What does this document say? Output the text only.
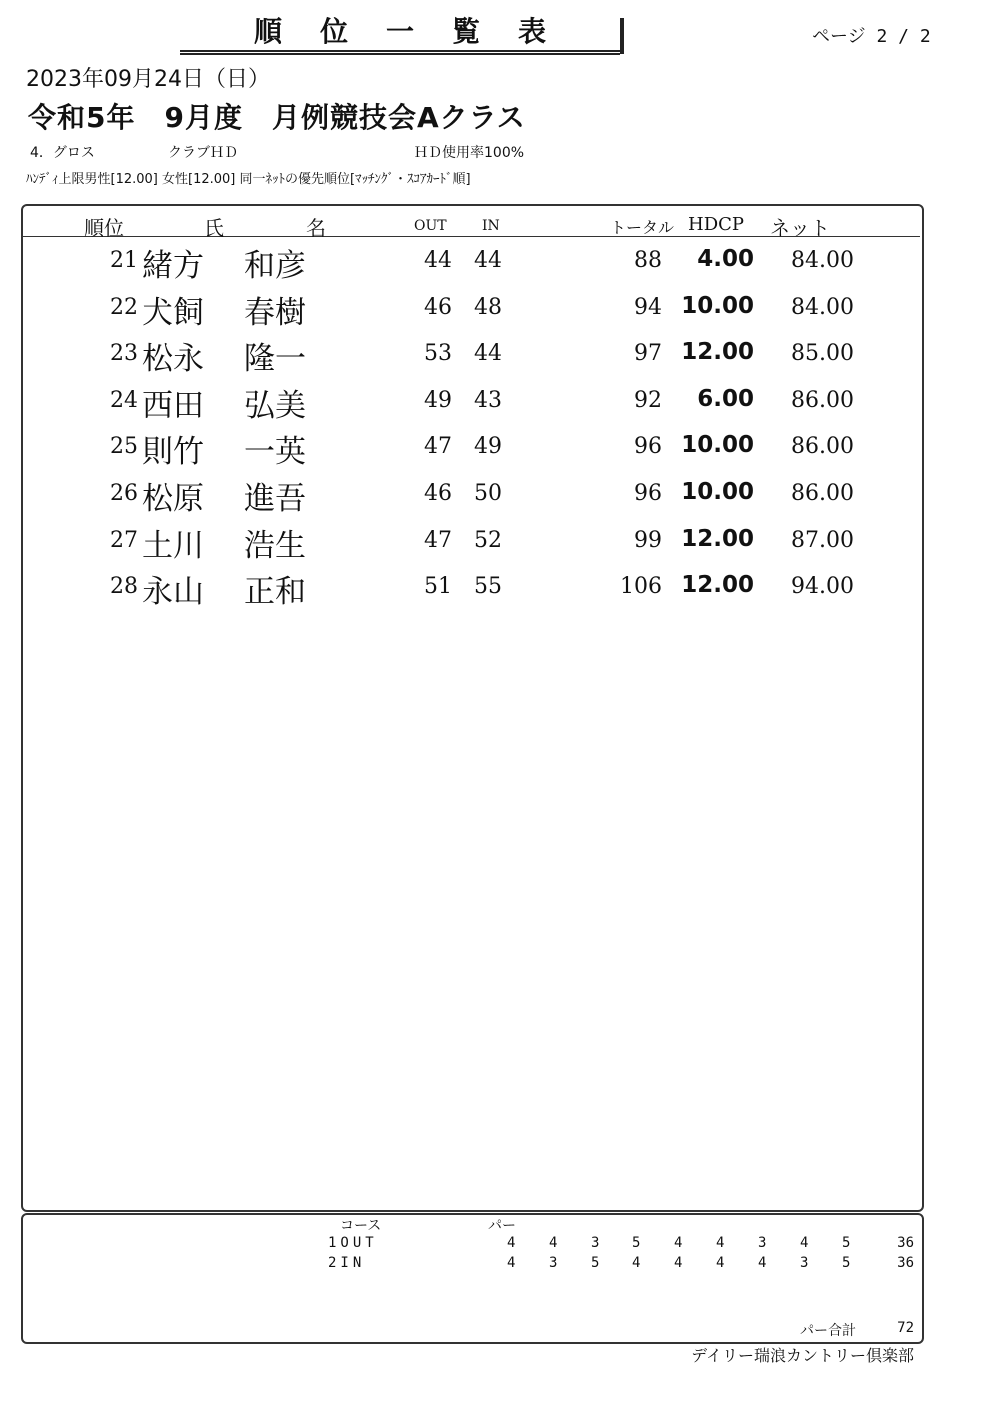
順位一覧表	ページ 2 / 2
2023年09月24日（日）
令和5年　9月度　月例競技会Aクラス
4．グロス	クラブＨＤ	ＨＤ使用率100%
ﾊﾝﾃﾞｨ上限男性[12.00] 女性[12.00] 同一ﾈｯﾄの優先順位[ﾏｯﾁﾝｸﾞ・ｽｺｱｶｰﾄﾞ順]
順位	氏	名	OUT	IN	トータル HDCP ネット
21 緒方 和彦	44 44	88	4.00	84.00
22 犬飼 春樹	46 48	94 10.00	84.00
23 松永 隆一	53 44	97 12.00	85.00
24 西田 弘美	49 43	92	6.00	86.00
25 則竹 一英	47 49	96 10.00	86.00
26 松原 進吾	46 50	96 10.00	86.00
27 土川 浩生	47 52	99 12.00	87.00
28 永山 正和	51 55	106 12.00	94.00
コース	パー
1OUT	4 4 3 5 4 4 3 4 5	36
2IN	4 3 5 4 4 4 4 3 5	36
パー合計	72
デイリー瑞浪カントリー倶楽部
